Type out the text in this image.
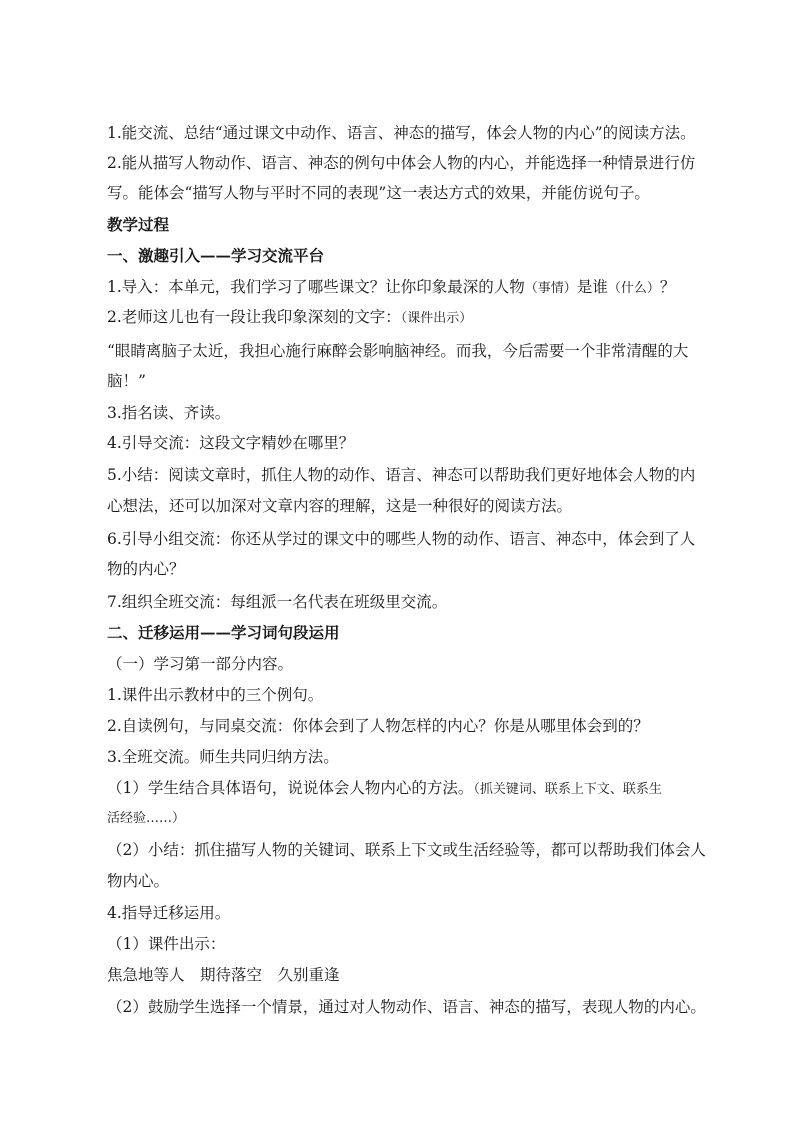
1.能交流、总结“通过课文中动作、语言、神态的描写，体会人物的内心”的阅读方法。
2.能从描写人物动作、语言、神态的例句中体会人物的内心，并能选择一种情景进行仿
写。能体会“描写人物与平时不同的表现”这一表达方式的效果，并能仿说句子。
教学过程
一、激趣引入——学习交流平台
1.导入：本单元，我们学习了哪些课文？让你印象最深的人物（事情）是谁（什么）？
2.老师这儿也有一段让我印象深刻的文字：（课件出示）
“眼睛离脑子太近，我担心施行麻醉会影响脑神经。而我，今后需要一个非常清醒的大
脑！”
3.指名读、齐读。
4.引导交流：这段文字精妙在哪里？
5.小结：阅读文章时，抓住人物的动作、语言、神态可以帮助我们更好地体会人物的内
心想法，还可以加深对文章内容的理解，这是一种很好的阅读方法。
6.引导小组交流：你还从学过的课文中的哪些人物的动作、语言、神态中，体会到了人
物的内心？
7.组织全班交流：每组派一名代表在班级里交流。
二、迁移运用——学习词句段运用
（一）学习第一部分内容。
1.课件出示教材中的三个例句。
2.自读例句，与同桌交流：你体会到了人物怎样的内心？你是从哪里体会到的？
3.全班交流。师生共同归纳方法。
（1）学生结合具体语句，说说体会人物内心的方法。（抓关键词、联系上下文、联系生
活经验……）
（2）小结：抓住描写人物的关键词、联系上下文或生活经验等，都可以帮助我们体会人
物内心。
4.指导迁移运用。
（1）课件出示：
焦急地等人　期待落空　久别重逢
（2）鼓励学生选择一个情景，通过对人物动作、语言、神态的描写，表现人物的内心。
